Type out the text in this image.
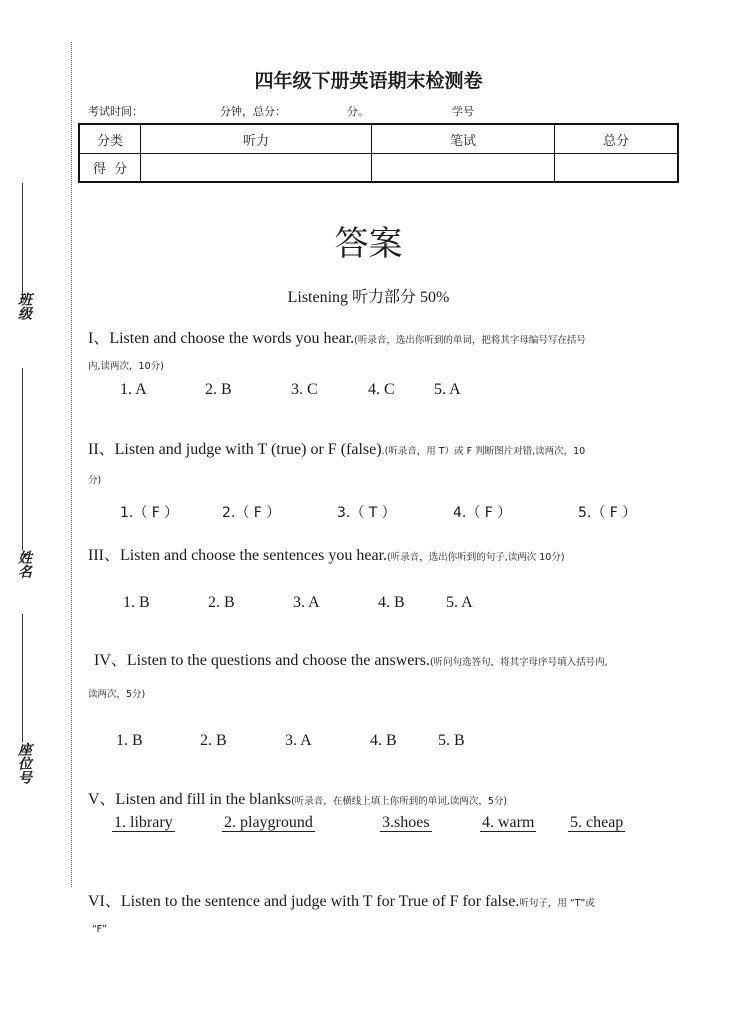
班级
姓名
座位号
四年级下册英语期末检测卷
考试时间：	分钟，总分：	分。	学号
分类	听力	笔试	总分
得  分			
答案
Listening 听力部分 50%
I、Listen and choose the words you hear.(听录音，选出你听到的单词，把将其字母编号写在括号
内,读两次，10分)
1. A	2. B	3. C	4. C 5. A
II、Listen and judge with T (true) or F (false).(听录音，用 T）或 F 判断图片对错,读两次，10
分)
1.（ F ）	2.（ F ）	3.（ T ）	4.（ F ）	5.（ F ）
III、Listen and choose the sentences you hear.(听录音，选出你听到的句子,读两次 10分)
1. B	2. B	3. A	4. B	5. A
IV、Listen to the questions and choose the answers.(听问句选答句，将其字母序号填入括号内,
读两次，5分)
1. B	2. B	3. A	4. B	5. B
V、Listen and fill in the blanks(听录音，在横线上填上你所到的单词,读两次，5分)
1. library	2. playground	3.shoes	4. warm 5. cheap
VI、Listen to the sentence and judge with T for True of F for false.听句子，用 “T”或
“F”
